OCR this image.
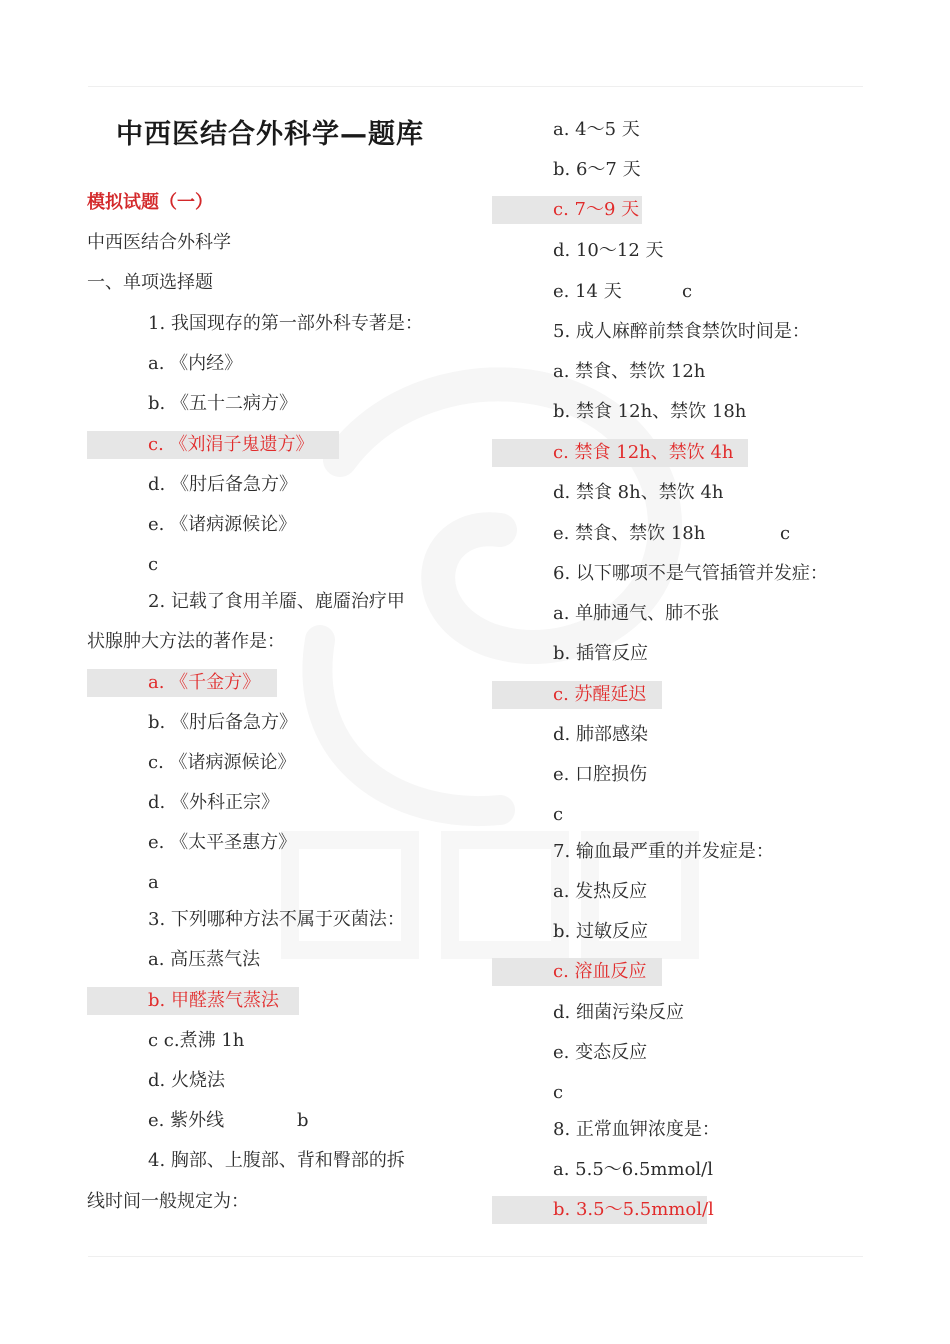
中西医结合外科学—题库
模拟试题（一）
中西医结合外科学
一、单项选择题
1. 我国现存的第一部外科专著是：
a. 《内经》
b. 《五十二病方》
c. 《刘涓子鬼遗方》
d. 《肘后备急方》
e. 《诸病源候论》
c
2. 记载了食用羊靥、鹿靥治疗甲
状腺肿大方法的著作是：
a. 《千金方》
b. 《肘后备急方》
c. 《诸病源候论》
d. 《外科正宗》
e. 《太平圣惠方》
a
3. 下列哪种方法不属于灭菌法：
a. 高压蒸气法
b. 甲醛蒸气蒸法
c c.煮沸 1h
d. 火烧法
e. 紫外线	b
4. 胸部、上腹部、背和臀部的拆
线时间一般规定为：
a. 4～5 天
b. 6～7 天
c. 7～9 天
d. 10～12 天
e. 14 天	c
5. 成人麻醉前禁食禁饮时间是：
a. 禁食、禁饮 12h
b. 禁食 12h、禁饮 18h
c. 禁食 12h、禁饮 4h
d. 禁食 8h、禁饮 4h
e. 禁食、禁饮 18h	c
6. 以下哪项不是气管插管并发症：
a. 单肺通气、肺不张
b. 插管反应
c. 苏醒延迟
d. 肺部感染
e. 口腔损伤
c
7. 输血最严重的并发症是：
a. 发热反应
b. 过敏反应
c. 溶血反应
d. 细菌污染反应
e. 变态反应
c
8. 正常血钾浓度是：
a. 5.5～6.5mmol/l
b. 3.5～5.5mmol/l
